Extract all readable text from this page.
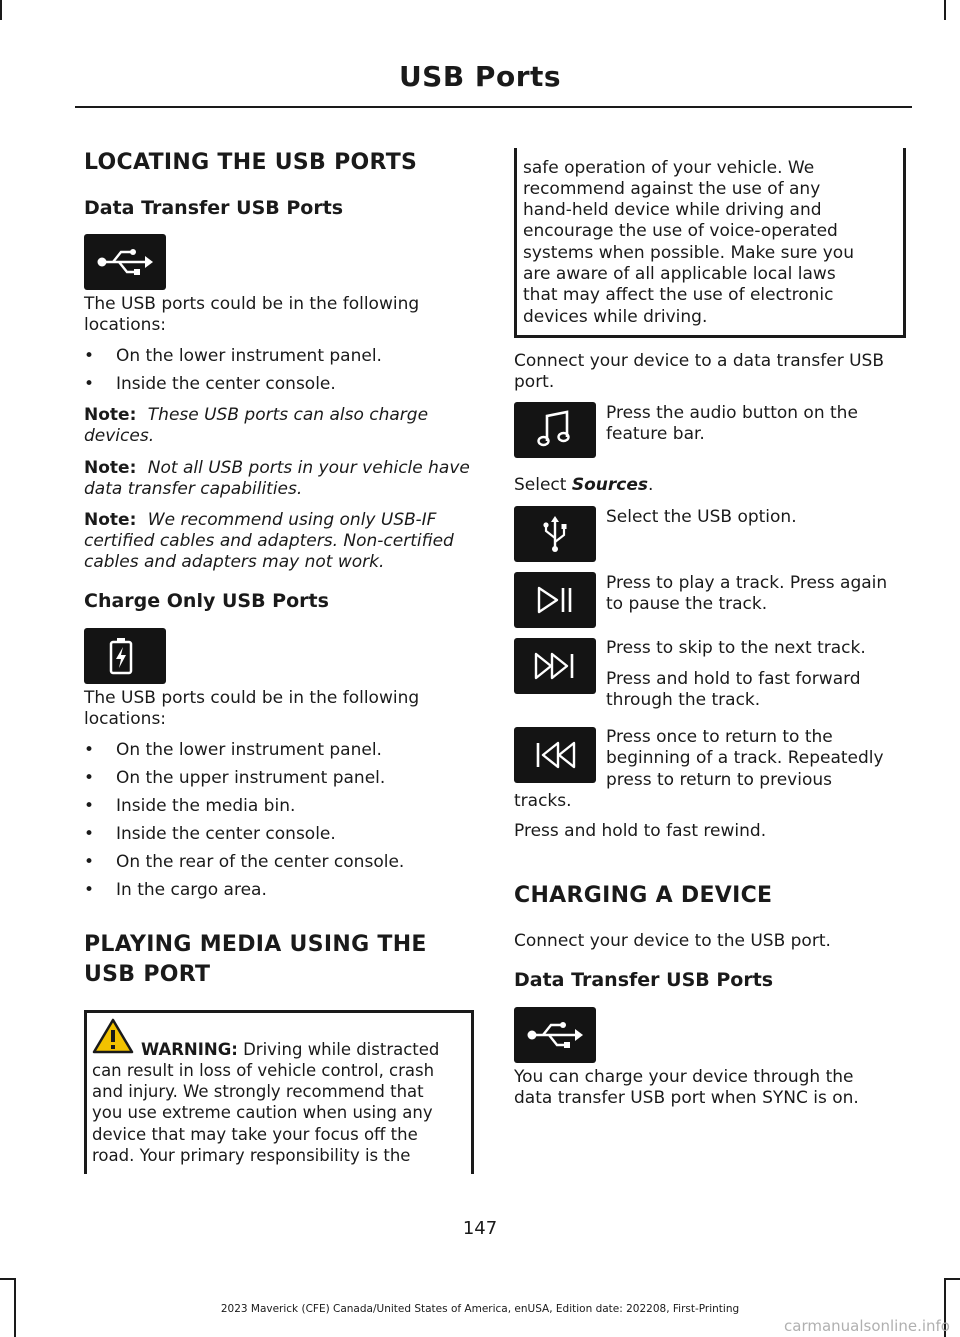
USB Ports
LOCATING THE USB PORTS
Data Transfer USB Ports
The USB ports could be in the following
locations:
• On the lower instrument panel.
• Inside the center console.
Note: These USB ports can also charge
devices.
Note: Not all USB ports in your vehicle have
data transfer capabilities.
Note: We recommend using only USB-IF
certified cables and adapters. Non-certified
cables and adapters may not work.
Charge Only USB Ports
The USB ports could be in the following
locations:
• On the lower instrument panel.
• On the upper instrument panel.
• Inside the media bin.
• Inside the center console.
• On the rear of the center console.
• In the cargo area.
PLAYING MEDIA USING THE
USB PORT
WARNING: Driving while distracted
can result in loss of vehicle control, crash
and injury. We strongly recommend that
you use extreme caution when using any
device that may take your focus off the
road. Your primary responsibility is the
safe operation of your vehicle. We
recommend against the use of any
hand-held device while driving and
encourage the use of voice-operated
systems when possible. Make sure you
are aware of all applicable local laws
that may affect the use of electronic
devices while driving.
Connect your device to a data transfer USB
port.
Press the audio button on the
feature bar.
Select Sources.
Select the USB option.
Press to play a track. Press again
to pause the track.
Press to skip to the next track.
Press and hold to fast forward
through the track.
Press once to return to the
beginning of a track. Repeatedly
press to return to previous
tracks.
Press and hold to fast rewind.
CHARGING A DEVICE
Connect your device to the USB port.
Data Transfer USB Ports
You can charge your device through the
data transfer USB port when SYNC is on.
147
2023 Maverick (CFE) Canada/United States of America, enUSA, Edition date: 202208, First-Printing
carmanualsonline.info
